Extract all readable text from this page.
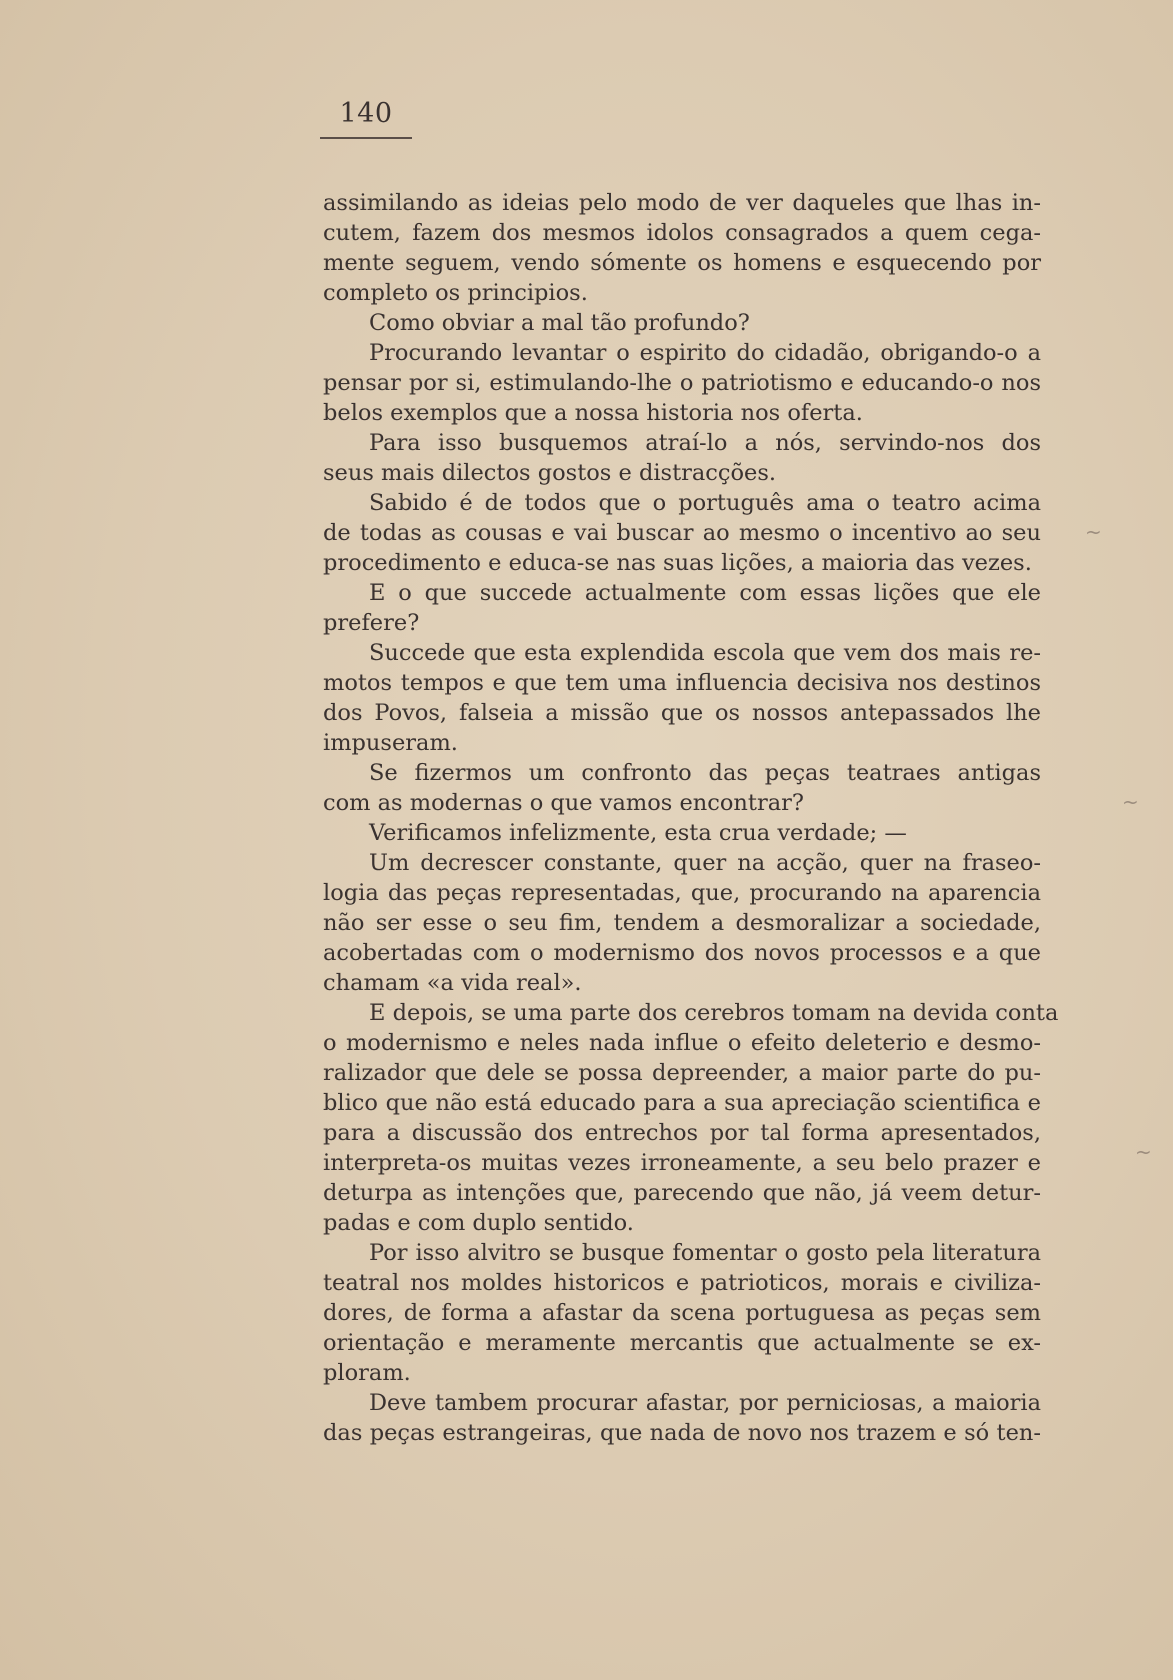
140
assimilando as ideias pelo modo de ver daqueles que lhas in-
cutem, fazem dos mesmos idolos consagrados a quem cega-
mente seguem, vendo sómente os homens e esquecendo por
completo os principios.
Como obviar a mal tão profundo?
Procurando levantar o espirito do cidadão, obrigando-o a
pensar por si, estimulando-lhe o patriotismo e educando-o nos
belos exemplos que a nossa historia nos oferta.
Para isso busquemos atraí-lo a nós, servindo-nos dos
seus mais dilectos gostos e distracções.
Sabido é de todos que o português ama o teatro acima
de todas as cousas e vai buscar ao mesmo o incentivo ao seu
procedimento e educa-se nas suas lições, a maioria das vezes.
E o que succede actualmente com essas lições que ele
prefere?
Succede que esta explendida escola que vem dos mais re-
motos tempos e que tem uma influencia decisiva nos destinos
dos Povos, falseia a missão que os nossos antepassados lhe
impuseram.
Se fizermos um confronto das peças teatraes antigas
com as modernas o que vamos encontrar?
Verificamos infelizmente, esta crua verdade; —
Um decrescer constante, quer na acção, quer na fraseo-
logia das peças representadas, que, procurando na aparencia
não ser esse o seu fim, tendem a desmoralizar a sociedade,
acobertadas com o modernismo dos novos processos e a que
chamam «a vida real».
E depois, se uma parte dos cerebros tomam na devida conta
o modernismo e neles nada influe o efeito deleterio e desmo-
ralizador que dele se possa depreender, a maior parte do pu-
blico que não está educado para a sua apreciação scientifica e
para a discussão dos entrechos por tal forma apresentados,
interpreta-os muitas vezes irroneamente, a seu belo prazer e
deturpa as intenções que, parecendo que não, já veem detur-
padas e com duplo sentido.
Por isso alvitro se busque fomentar o gosto pela literatura
teatral nos moldes historicos e patrioticos, morais e civiliza-
dores, de forma a afastar da scena portuguesa as peças sem
orientação e meramente mercantis que actualmente se ex-
ploram.
Deve tambem procurar afastar, por perniciosas, a maioria
das peças estrangeiras, que nada de novo nos trazem e só ten-
~
~
~
